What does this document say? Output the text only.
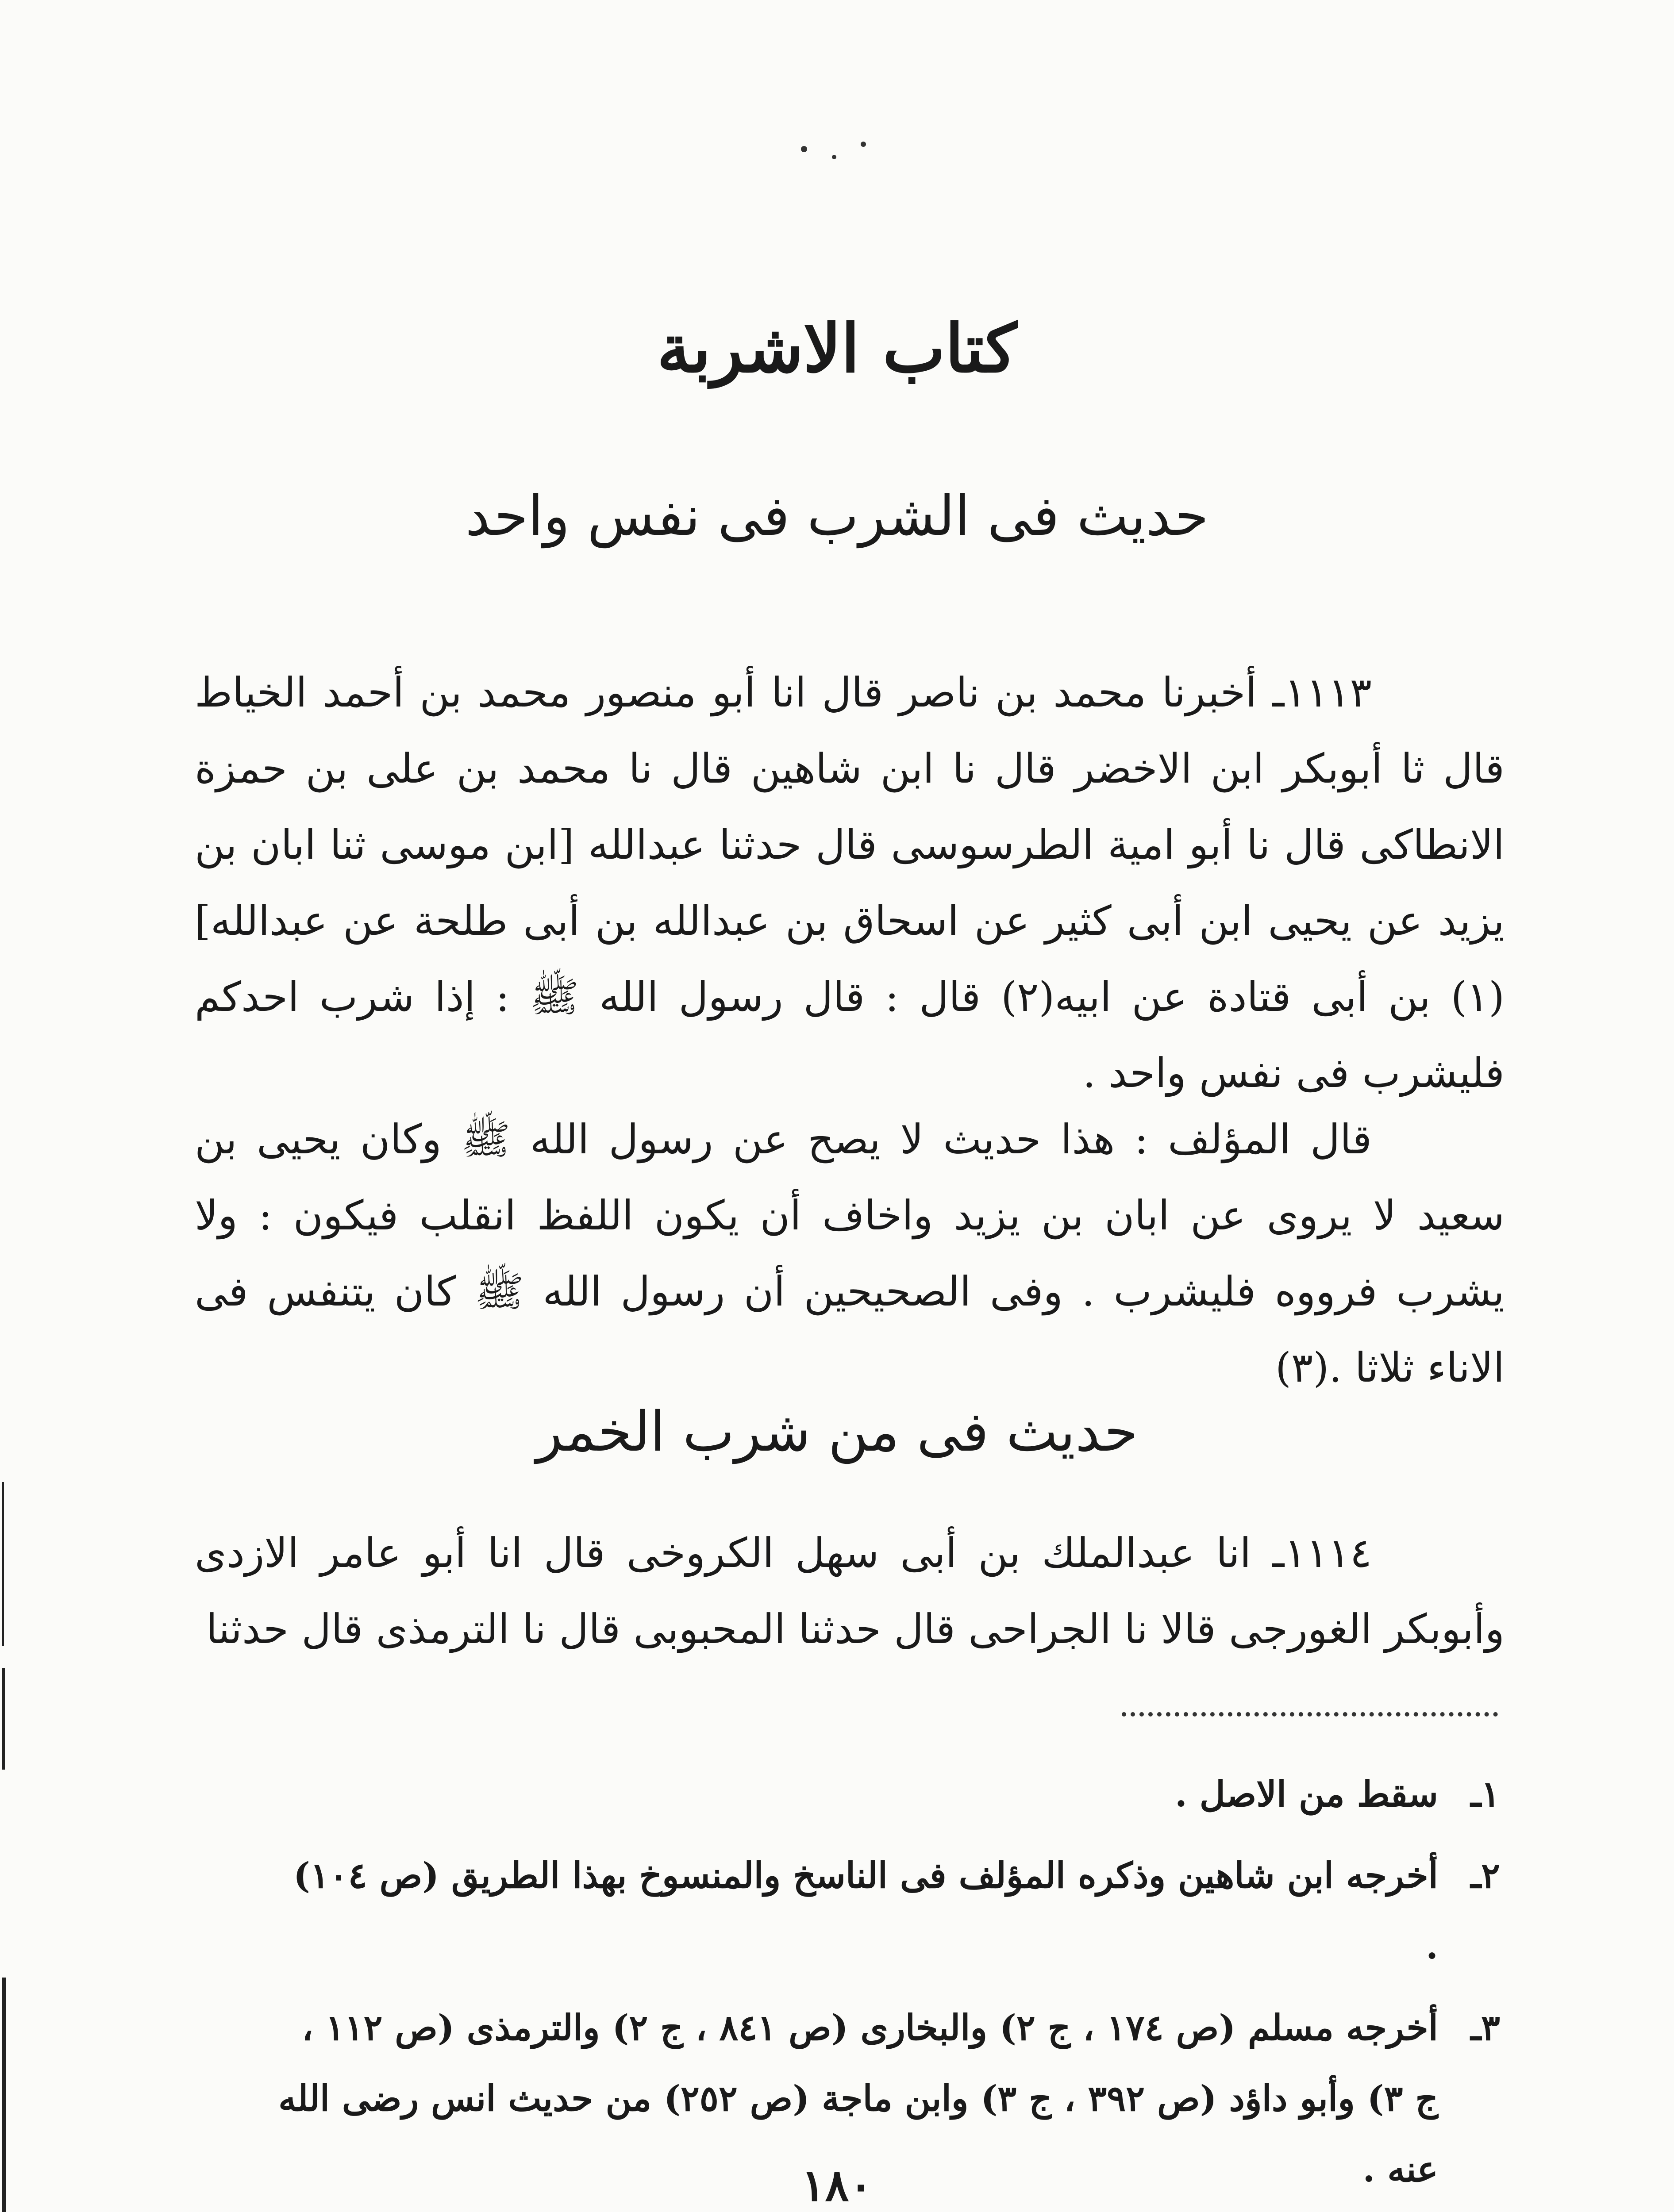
كتاب الاشربة
حديث فى الشرب فى نفس واحد

١١١٣ـ أخبرنا محمد بن ناصر قال انا أبو منصور محمد بن أحمد الخياط قال ثا أبوبكر ابن الاخضر قال نا ابن شاهين قال نا محمد بن على بن حمزة الانطاكى قال نا أبو امية الطرسوسى قال حدثنا عبدالله [ابن موسى ثنا ابان بن يزيد عن يحيى ابن أبى كثير عن اسحاق بن عبدالله بن أبى طلحة عن عبدالله](١) بن أبى قتادة عن ابيه(٢) قال : قال رسول الله ﷺ : إذا شرب احدكم فليشرب فى نفس واحد .

قال المؤلف : هذا حديث لا يصح عن رسول الله ﷺ وكان يحيى بن سعيد لا يروى عن ابان بن يزيد واخاف أن يكون اللفظ انقلب فيكون : ولا يشرب فرووه فليشرب . وفى الصحيحين أن رسول الله ﷺ كان يتنفس فى الاناء ثلاثا .(٣)

حديث فى من شرب الخمر

١١١٤ـ انا عبدالملك بن أبى سهل الكروخى قال انا أبو عامر الازدى وأبوبكر الغورجى قالا نا الجراحى قال حدثنا المحبوبى قال نا الترمذى قال حدثنا

١ـ
سقط من الاصل .
٢ـ
أخرجه ابن شاهين وذكره المؤلف فى الناسخ والمنسوخ بهذا الطريق (ص ١٠٤) .
٣ـ
أخرجه مسلم (ص ١٧٤ ، ج ٢) والبخارى (ص ٨٤١ ، ج ٢) والترمذى (ص ١١٢ ، ج ٣) وأبو داؤد (ص ٣٩٢ ، ج ٣) وابن ماجة (ص ٢٥٢) من حديث انس رضى الله عنه .
١٨٠
